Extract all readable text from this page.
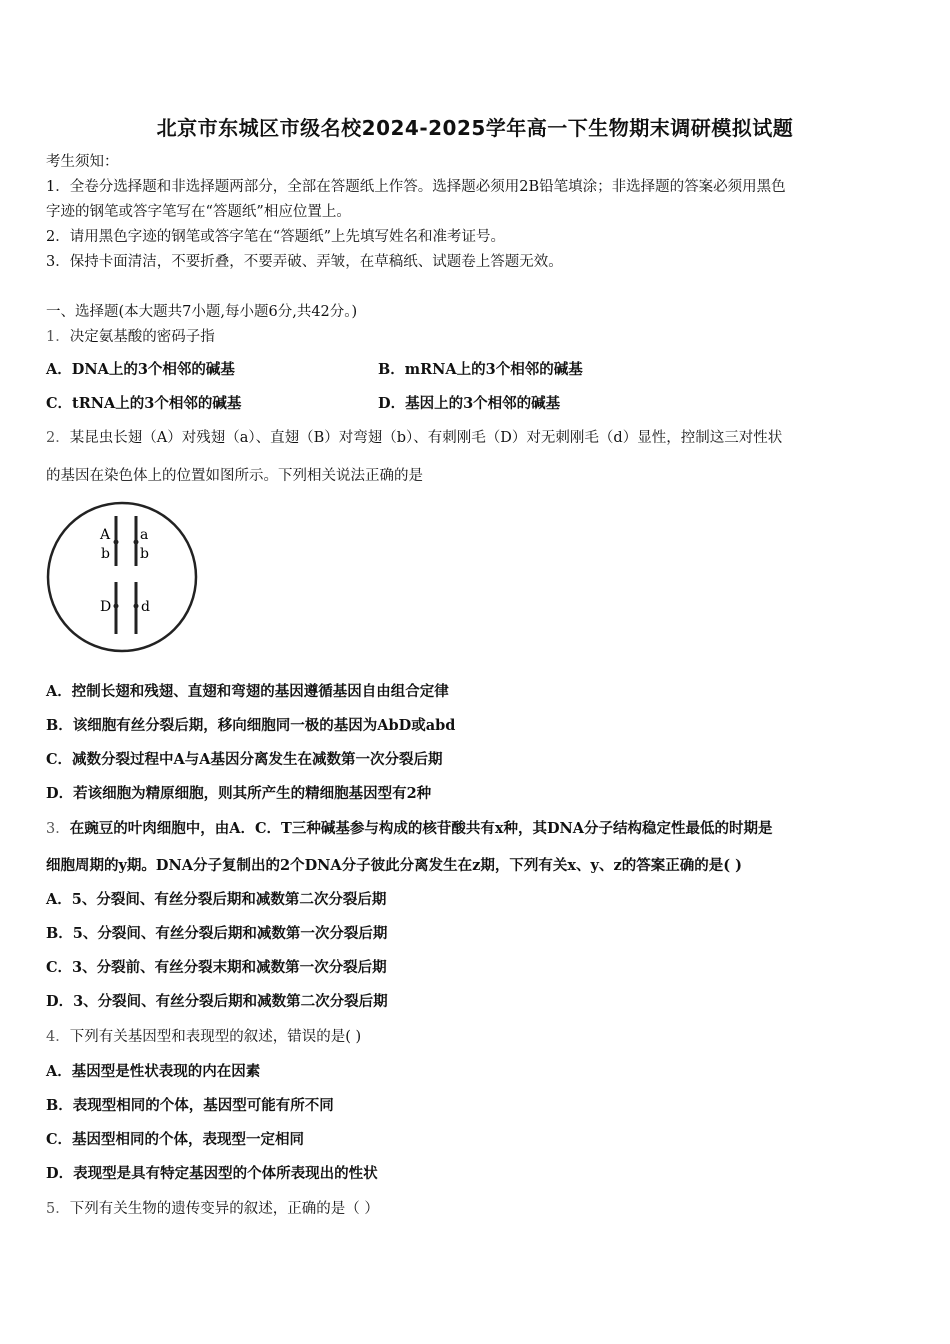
北京市东城区市级名校2024-2025学年高一下生物期末调研模拟试题
考生须知：
1．全卷分选择题和非选择题两部分，全部在答题纸上作答。选择题必须用2B铅笔填涂；非选择题的答案必须用黑色
字迹的钢笔或答字笔写在“答题纸”相应位置上。
2．请用黑色字迹的钢笔或答字笔在“答题纸”上先填写姓名和准考证号。
3．保持卡面清洁，不要折叠，不要弄破、弄皱，在草稿纸、试题卷上答题无效。
一、选择题(本大题共7小题,每小题6分,共42分。)
1．决定氨基酸的密码子指
A．DNA上的3个相邻的碱基	B．mRNA上的3个相邻的碱基
C．tRNA上的3个相邻的碱基	D．基因上的3个相邻的碱基
2．某昆虫长翅（A）对残翅（a）、直翅（B）对弯翅（b）、有刺刚毛（D）对无刺刚毛（d）显性，控制这三对性状
的基因在染色体上的位置如图所示。下列相关说法正确的是
A
b
a
b
D d
A．控制长翅和残翅、直翅和弯翅的基因遵循基因自由组合定律
B．该细胞有丝分裂后期，移向细胞同一极的基因为AbD或abd
C．减数分裂过程中A与A基因分离发生在减数第一次分裂后期
D．若该细胞为精原细胞，则其所产生的精细胞基因型有2种
3．在豌豆的叶肉细胞中，由A．C．T三种碱基参与构成的核苷酸共有x种，其DNA分子结构稳定性最低的时期是
细胞周期的y期。DNA分子复制出的2个DNA分子彼此分离发生在z期，下列有关x、y、z的答案正确的是( )
A．5、分裂间、有丝分裂后期和减数第二次分裂后期
B．5、分裂间、有丝分裂后期和减数第一次分裂后期
C．3、分裂前、有丝分裂末期和减数第一次分裂后期
D．3、分裂间、有丝分裂后期和减数第二次分裂后期
4．下列有关基因型和表现型的叙述，错误的是( )
A．基因型是性状表现的内在因素
B．表现型相同的个体，基因型可能有所不同
C．基因型相同的个体，表现型一定相同
D．表现型是具有特定基因型的个体所表现出的性状
5．下列有关生物的遗传变异的叙述，正确的是（ ）
